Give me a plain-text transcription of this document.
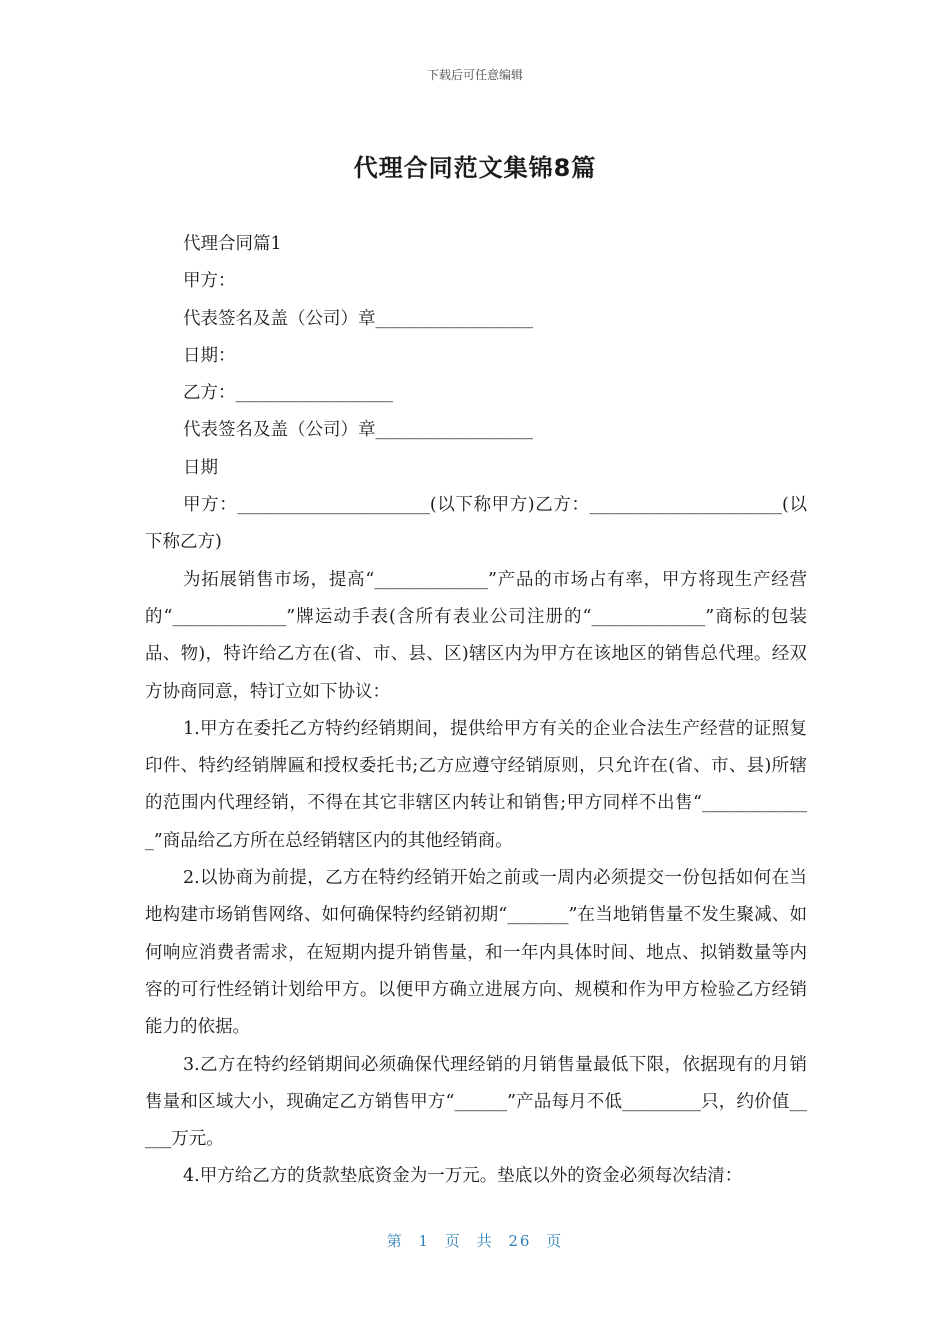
下载后可任意编辑
代理合同范文集锦8篇

代理合同篇1

甲方：

代表签名及盖（公司）章__________________

日期：

乙方：__________________

代表签名及盖（公司）章__________________

日期

甲方：______________________(以下称甲方)乙方：______________________(以下称乙方)

为拓展销售市场，提高“_____________”产品的市场占有率，甲方将现生产经营的“_____________”牌运动手表(含所有表业公司注册的“_____________”商标的包装品、物)，特许给乙方在(省、市、县、区)辖区内为甲方在该地区的销售总代理。经双方协商同意，特订立如下协议：

1.甲方在委托乙方特约经销期间，提供给甲方有关的企业合法生产经营的证照复印件、特约经销牌匾和授权委托书;乙方应遵守经销原则，只允许在(省、市、县)所辖的范围内代理经销，不得在其它非辖区内转让和销售;甲方同样不出售“_____________”商品给乙方所在总经销辖区内的其他经销商。

2.以协商为前提，乙方在特约经销开始之前或一周内必须提交一份包括如何在当地构建市场销售网络、如何确保特约经销初期“_______”在当地销售量不发生聚减、如何响应消费者需求，在短期内提升销售量，和一年内具体时间、地点、拟销数量等内容的可行性经销计划给甲方。以便甲方确立进展方向、规模和作为甲方检验乙方经销能力的依据。

3.乙方在特约经销期间必须确保代理经销的月销售量最低下限，依据现有的月销售量和区域大小，现确定乙方销售甲方“______”产品每月不低_________只，约价值_____万元。

4.甲方给乙方的货款垫底资金为一万元。垫底以外的资金必须每次结清：

第 1 页 共 26 页
